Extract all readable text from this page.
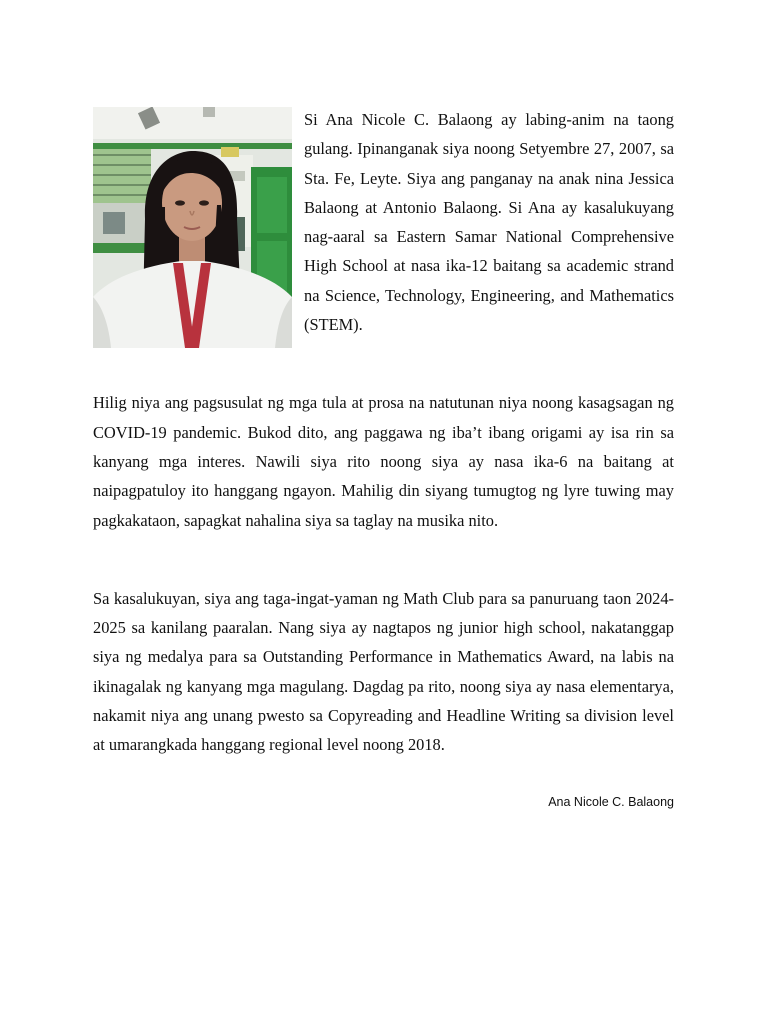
Si Ana Nicole C. Balaong ay labing-anim na taong gulang. Ipinanganak siya noong Setyembre 27, 2007, sa Sta. Fe, Leyte. Siya ang panganay na anak nina Jessica Balaong at Antonio Balaong. Si Ana ay kasalukuyang nag-aaral sa Eastern Samar National Comprehensive High School at nasa ika-12 baitang sa academic strand na Science, Technology, Engineering, and Mathematics (STEM).

Hilig niya ang pagsusulat ng mga tula at prosa na natutunan niya noong kasagsagan ng COVID-19 pandemic. Bukod dito, ang paggawa ng iba’t ibang origami ay isa rin sa kanyang mga interes. Nawili siya rito noong siya ay nasa ika-6 na baitang at naipagpatuloy ito hanggang ngayon. Mahilig din siyang tumugtog ng lyre tuwing may pagkakataon, sapagkat nahalina siya sa taglay na musika nito.

Sa kasalukuyan, siya ang taga-ingat-yaman ng Math Club para sa panuruang taon 2024-2025 sa kanilang paaralan. Nang siya ay nagtapos ng junior high school, nakatanggap siya ng medalya para sa Outstanding Performance in Mathematics Award, na labis na ikinagalak ng kanyang mga magulang. Dagdag pa rito, noong siya ay nasa elementarya, nakamit niya ang unang pwesto sa Copyreading and Headline Writing sa division level at umarangkada hanggang regional level noong 2018.

Ana Nicole C. Balaong
